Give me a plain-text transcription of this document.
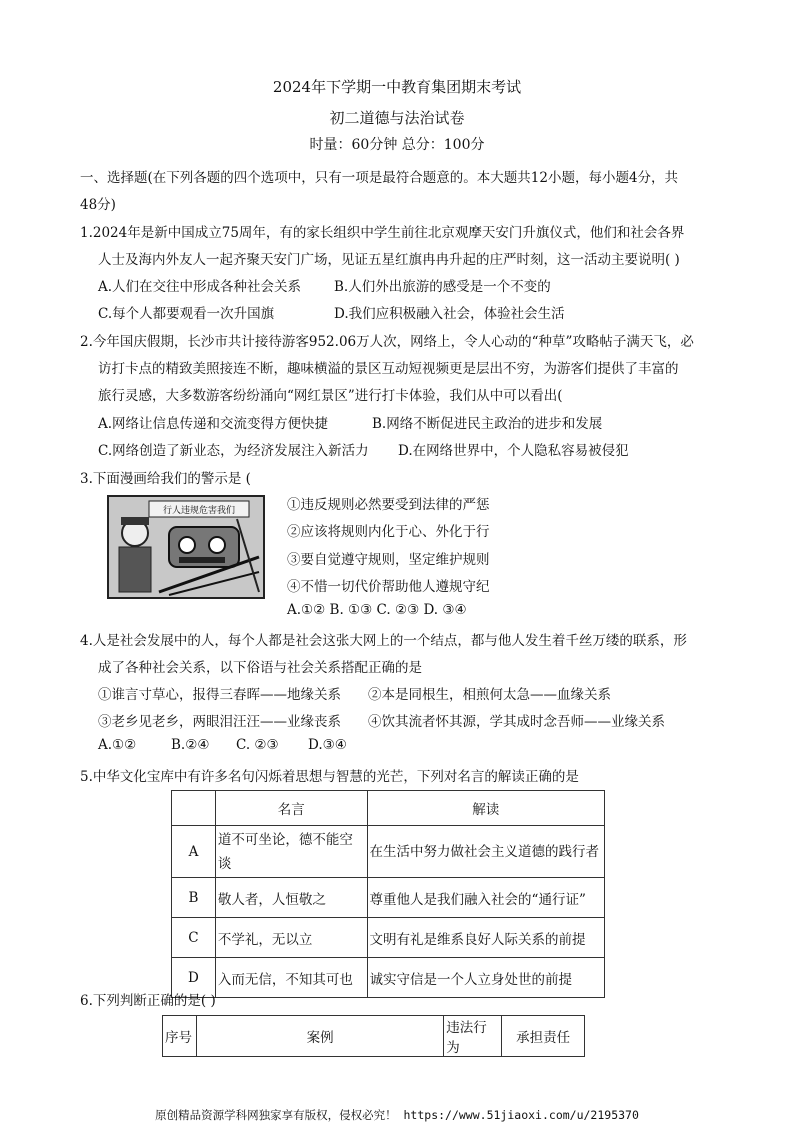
2024年下学期一中教育集团期末考试
初二道德与法治试卷
时量：60分钟 总分：100分
一、选择题(在下列各题的四个选项中，只有一项是最符合题意的。本大题共12小题，每小题4分，共
48分)
1.2024年是新中国成立75周年，有的家长组织中学生前往北京观摩天安门升旗仪式，他们和社会各界
人士及海内外友人一起齐聚天安门广场，见证五星红旗冉冉升起的庄严时刻，这一活动主要说明( )
A.人们在交往中形成各种社会关系 B.人们外出旅游的感受是一个不变的
C.每个人都要观看一次升国旗	D.我们应积极融入社会，体验社会生活
2.今年国庆假期，长沙市共计接待游客952.06万人次，网络上，令人心动的“种草”攻略帖子满天飞，必
访打卡点的精致美照接连不断，趣味横溢的景区互动短视频更是层出不穷，为游客们提供了丰富的
旅行灵感，大多数游客纷纷涌向“网红景区”进行打卡体验，我们从中可以看出(
A.网络让信息传递和交流变得方便快捷	B.网络不断促进民主政治的进步和发展
C.网络创造了新业态，为经济发展注入新活力 D.在网络世界中，个人隐私容易被侵犯
3.下面漫画给我们的警示是 (
行人违规危害我们	①违反规则必然要受到法律的严惩
②应该将规则内化于心、外化于行
③要自觉遵守规则，坚定维护规则
④不惜一切代价帮助他人遵规守纪
A.①② B. ①③ C. ②③ D. ③④
4.人是社会发展中的人，每个人都是社会这张大网上的一个结点，都与他人发生着千丝万缕的联系，形
成了各种社会关系，以下俗语与社会关系搭配正确的是
①谁言寸草心，报得三春晖——地缘关系 ②本是同根生，相煎何太急——血缘关系
③老乡见老乡，两眼泪汪汪——业缘丧系 ④饮其流者怀其源，学其成时念吾师——业缘关系
A.①②	B.②④ C. ②③ D.③④
5.中华文化宝库中有许多名句闪烁着思想与智慧的光芒，下列对名言的解读正确的是
	名言	解读
A	道不可坐论，德不能空谈	在生活中努力做社会主义道德的践行者
B	敬人者，人恒敬之	尊重他人是我们融入社会的“通行证”
C	不学礼，无以立	文明有礼是维系良好人际关系的前提
D	入而无信，不知其可也	诚实守信是一个人立身处世的前提
6.下列判断正确的是( )
序号	案例	违法行为	承担责任
原创精品资源学科网独家享有版权，侵权必究！ https://www.51jiaoxi.com/u/2195370
